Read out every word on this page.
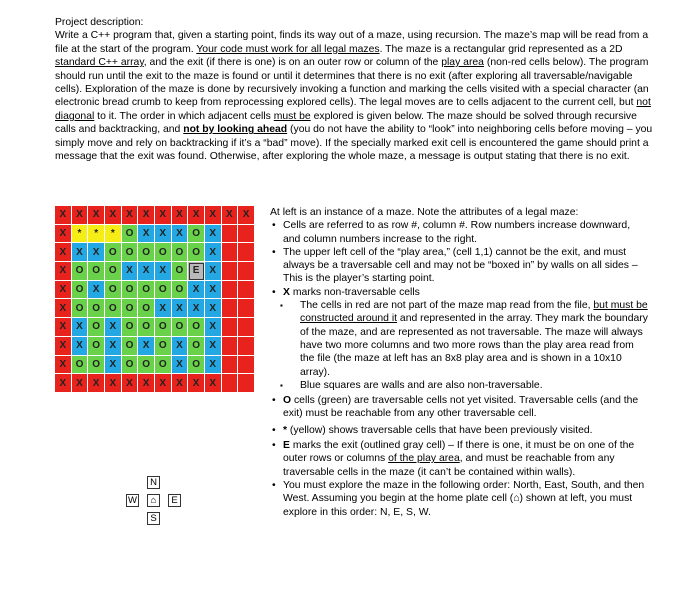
Project description:

Write a C++ program that, given a starting point, finds its way out of a maze, using recursion. The maze’s map will be read from a file at the start of the program. Your code must work for all legal mazes. The maze is a rectangular grid represented as a 2D standard C++ array, and the exit (if there is one) is on an outer row or column of the play area (non-red cells below). The program should run until the exit to the maze is found or until it determines that there is no exit (after exploring all traversable/navigable cells). Exploration of the maze is done by recursively invoking a function and marking the cells visited with a special character (an electronic bread crumb to keep from reprocessing explored cells). The legal moves are to cells adjacent to the current cell, but not diagonal to it. The order in which adjacent cells must be explored is given below. The maze should be solved through recursive calls and backtracking, and not by looking ahead (you do not have the ability to “look” into neighboring cells before moving – you simply move and rely on backtracking if it’s a “bad” move). If the specially marked exit cell is encountered the game should print a message that the exit was found. Otherwise, after exploring the whole maze, a message is output stating that there is no exit.

X X X X X X X X X X X X
X	*	*	*	O X X X O X
X X X O O O O O O X
X O O O X X X O E X
X O X O O O O O X X
X O O O O O X X X X
X X O X O O O O O X
X X O X O X O X O X
X O O X O O O X O X
X X X X X X X X X X

At left is an instance of a maze. Note the attributes of a legal maze:

• Cells are referred to as row #, column #. Row numbers increase downward, and column numbers increase to the right.

• The upper left cell of the “play area,” (cell 1,1) cannot be the exit, and must always be a traversable cell and may not be “boxed in” by walls on all sides – This is the player’s starting point.

• X marks non-traversable cells

▪ The cells in red are not part of the maze map read from the file, but must be constructed around it and represented in the array. They mark the boundary of the maze, and are represented as not traversable. The maze will always have two more columns and two more rows than the play area read from the file (the maze at left has an 8x8 play area and is shown in a 10x10 array).

▪ Blue squares are walls and are also non-traversable.

• O cells (green) are traversable cells not yet visited. Traversable cells (and the exit) must be reachable from any other traversable cell.

• * (yellow) shows traversable cells that have been previously visited.

• E marks the exit (outlined gray cell) – If there is one, it must be on one of the outer rows or columns of the play area, and must be reachable from any traversable cells in the maze (it can’t be contained within walls).

• You must explore the maze in the following order: North, East, South, and then West. Assuming you begin at the home plate cell (⌂) shown at left, you must explore in this order: N, E, S, W.

N
W	⌂	E
S
